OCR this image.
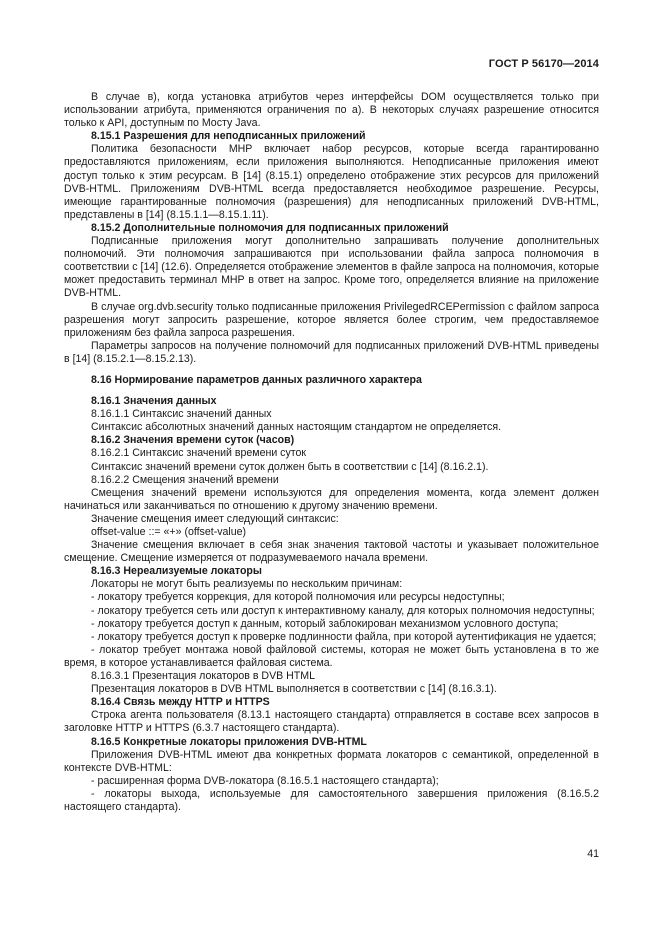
ГОСТ Р 56170—2014
В случае в), когда установка атрибутов через интерфейсы DOM осуществляется только при использовании атрибута, применяются ограничения по а). В некоторых случаях разрешение относится только к API, доступным по Мосту Java.
8.15.1 Разрешения для неподписанных приложений
Политика безопасности MHP включает набор ресурсов, которые всегда гарантированно предоставляются приложениям, если приложения выполняются. Неподписанные приложения имеют доступ только к этим ресурсам. В [14] (8.15.1) определено отображение этих ресурсов для приложений DVB-HTML. Приложениям DVB-HTML всегда предоставляется необходимое разрешение. Ресурсы, имеющие гарантированные полномочия (разрешения) для неподписанных приложений DVB-HTML, представлены в [14] (8.15.1.1—8.15.1.11).
8.15.2 Дополнительные полномочия для подписанных приложений
Подписанные приложения могут дополнительно запрашивать получение дополнительных полномочий. Эти полномочия запрашиваются при использовании файла запроса полномочия в соответствии с [14] (12.6). Определяется отображение элементов в файле запроса на полномочия, которые может предоставить терминал MHP в ответ на запрос. Кроме того, определяется влияние на приложение DVB-HTML.
В случае org.dvb.security только подписанные приложения PrivilegedRCEPermission с файлом запроса разрешения могут запросить разрешение, которое является более строгим, чем предоставляемое приложениям без файла запроса разрешения.
Параметры запросов на получение полномочий для подписанных приложений DVB-HTML приведены в [14] (8.15.2.1—8.15.2.13).
8.16 Нормирование параметров данных различного характера
8.16.1 Значения данных
8.16.1.1 Синтаксис значений данных
Синтаксис абсолютных значений данных настоящим стандартом не определяется.
8.16.2 Значения времени суток (часов)
8.16.2.1 Синтаксис значений времени суток
Синтаксис значений времени суток должен быть в соответствии с [14] (8.16.2.1).
8.16.2.2 Смещения значений времени
Смещения значений времени используются для определения момента, когда элемент должен начинаться или заканчиваться по отношению к другому значению времени.
Значение смещения имеет следующий синтаксис:
offset-value ::= «+» (offset-value)
Значение смещения включает в себя знак значения тактовой частоты и указывает положительное смещение. Смещение измеряется от подразумеваемого начала времени.
8.16.3 Нереализуемые локаторы
Локаторы не могут быть реализуемы по нескольким причинам:
- локатору требуется коррекция, для которой полномочия или ресурсы недоступны;
- локатору требуется сеть или доступ к интерактивному каналу, для которых полномочия недоступны;
- локатору требуется доступ к данным, который заблокирован механизмом условного доступа;
- локатору требуется доступ к проверке подлинности файла, при которой аутентификация не удается;
- локатор требует монтажа новой файловой системы, которая не может быть установлена в то же время, в которое устанавливается файловая система.
8.16.3.1 Презентация локаторов в DVB HTML
Презентация локаторов в DVB HTML выполняется в соответствии с [14] (8.16.3.1).
8.16.4 Связь между HTTP и HTTPS
Строка агента пользователя (8.13.1 настоящего стандарта) отправляется в составе всех запросов в заголовке HTTP и HTTPS (6.3.7 настоящего стандарта).
8.16.5 Конкретные локаторы приложения DVB-HTML
Приложения DVB-HTML имеют два конкретных формата локаторов с семантикой, определенной в контексте DVB-HTML:
- расширенная форма DVB-локатора (8.16.5.1 настоящего стандарта);
- локаторы выхода, используемые для самостоятельного завершения приложения (8.16.5.2 настоящего стандарта).
41
